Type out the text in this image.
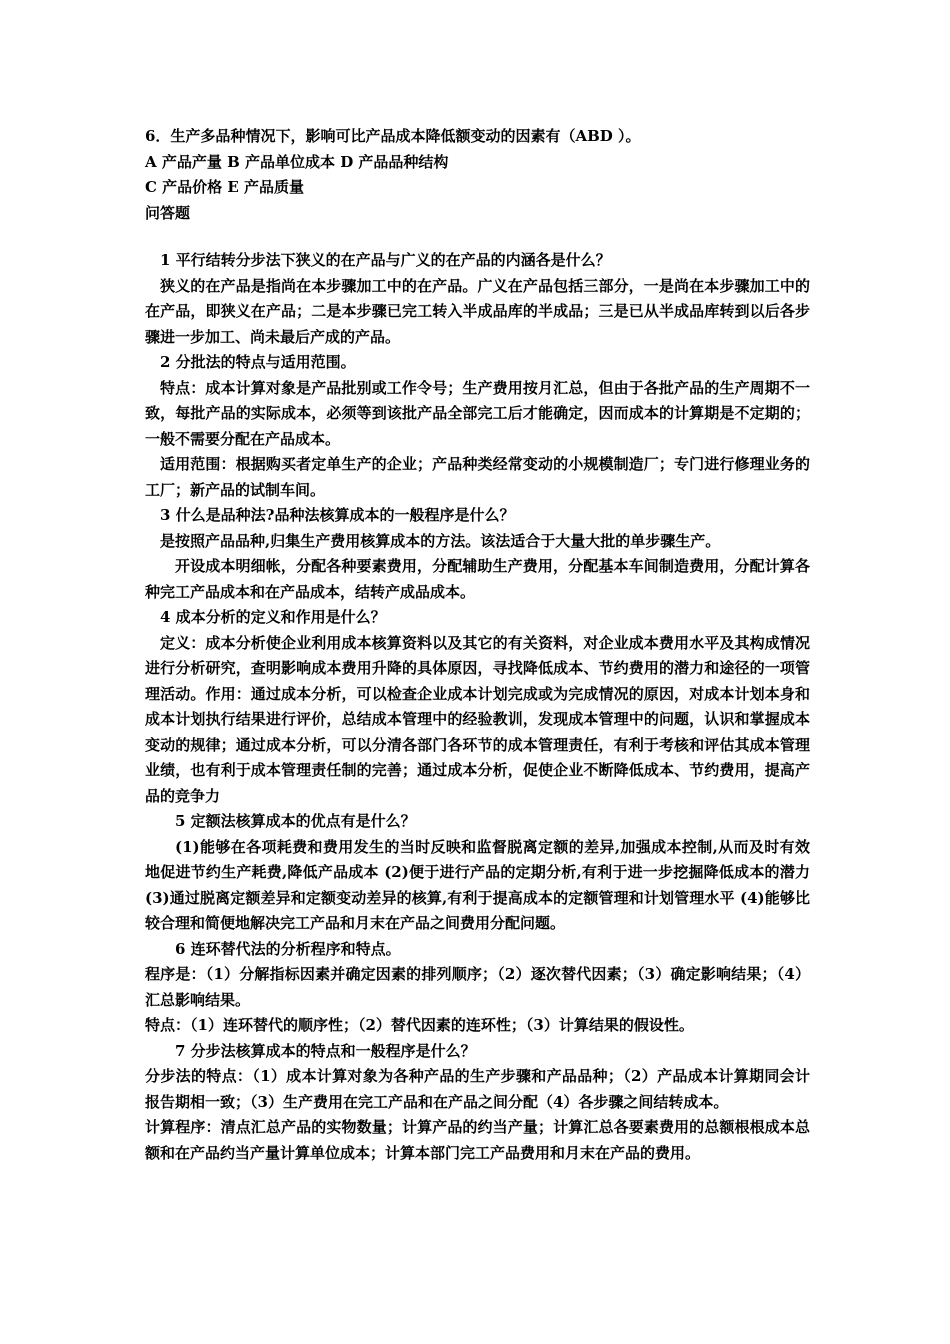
6．生产多品种情况下，影响可比产品成本降低额变动的因素有（ABD ）。

A 产品产量 B 产品单位成本 D 产品品种结构

C 产品价格 E 产品质量

问答题

1 平行结转分步法下狭义的在产品与广义的在产品的内涵各是什么？

狭义的在产品是指尚在本步骤加工中的在产品。广义在产品包括三部分，一是尚在本步骤加工中的在产品，即狭义在产品；二是本步骤已完工转入半成品库的半成品；三是已从半成品库转到以后各步骤进一步加工、尚未最后产成的产品。

2 分批法的特点与适用范围。

特点：成本计算对象是产品批别或工作令号；生产费用按月汇总，但由于各批产品的生产周期不一致，每批产品的实际成本，必须等到该批产品全部完工后才能确定，因而成本的计算期是不定期的；一般不需要分配在产品成本。

适用范围：根据购买者定单生产的企业；产品种类经常变动的小规模制造厂；专门进行修理业务的工厂；新产品的试制车间。

3 什么是品种法?品种法核算成本的一般程序是什么？

是按照产品品种,归集生产费用核算成本的方法。该法适合于大量大批的单步骤生产。

开设成本明细帐，分配各种要素费用，分配辅助生产费用，分配基本车间制造费用，分配计算各种完工产品成本和在产品成本，结转产成品成本。

4 成本分析的定义和作用是什么？

定义：成本分析使企业利用成本核算资料以及其它的有关资料，对企业成本费用水平及其构成情况进行分析研究，查明影响成本费用升降的具体原因，寻找降低成本、节约费用的潜力和途径的一项管理活动。作用：通过成本分析，可以检查企业成本计划完成或为完成情况的原因，对成本计划本身和成本计划执行结果进行评价，总结成本管理中的经验教训，发现成本管理中的问题，认识和掌握成本变动的规律；通过成本分析，可以分清各部门各环节的成本管理责任，有利于考核和评估其成本管理业绩，也有利于成本管理责任制的完善；通过成本分析，促使企业不断降低成本、节约费用，提高产品的竞争力

5 定额法核算成本的优点有是什么？

(1)能够在各项耗费和费用发生的当时反映和监督脱离定额的差异,加强成本控制,从而及时有效地促进节约生产耗费,降低产品成本 (2)便于进行产品的定期分析,有利于进一步挖掘降低成本的潜力 (3)通过脱离定额差异和定额变动差异的核算,有利于提高成本的定额管理和计划管理水平 (4)能够比较合理和简便地解决完工产品和月末在产品之间费用分配问题。

6 连环替代法的分析程序和特点。

程序是：（1）分解指标因素并确定因素的排列顺序；（2）逐次替代因素；（3）确定影响结果；（4）汇总影响结果。

特点：（1）连环替代的顺序性；（2）替代因素的连环性；（3）计算结果的假设性。

7 分步法核算成本的特点和一般程序是什么？

分步法的特点：（1）成本计算对象为各种产品的生产步骤和产品品种；（2）产品成本计算期同会计报告期相一致；（3）生产费用在完工产品和在产品之间分配（4）各步骤之间结转成本。

计算程序：清点汇总产品的实物数量；计算产品的约当产量；计算汇总各要素费用的总额根根成本总额和在产品约当产量计算单位成本；计算本部门完工产品费用和月末在产品的费用。
